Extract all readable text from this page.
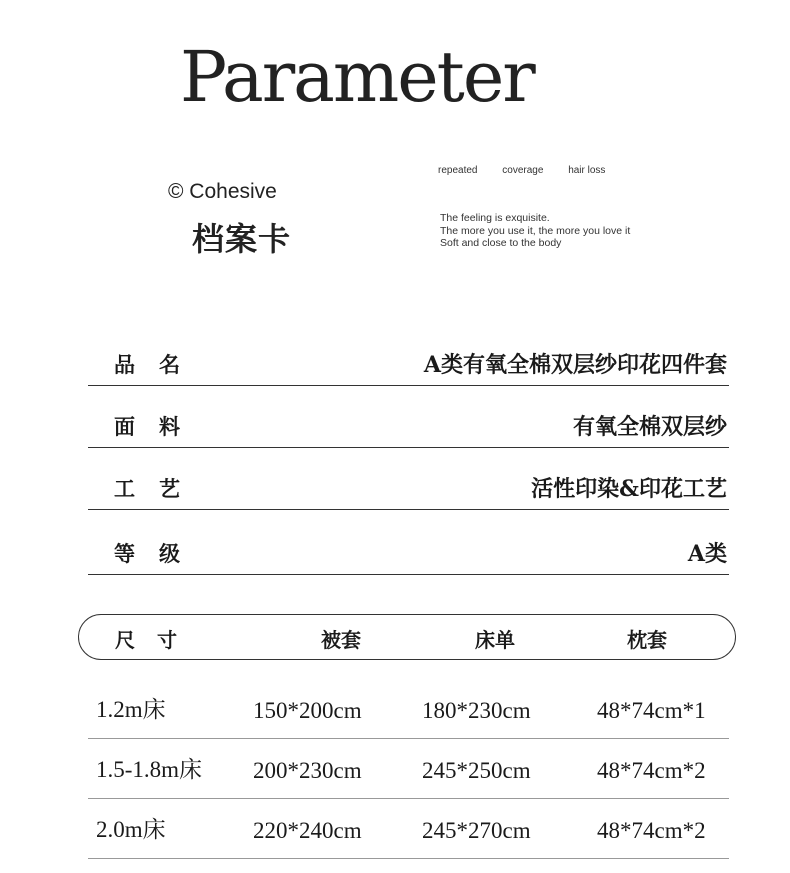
Parameter
© Cohesive
档案卡
repeated coverage hair loss
The feeling is exquisite.
The more you use it, the more you love it
Soft and close to the body
品名	A类有氧全棉双层纱印花四件套
面料	有氧全棉双层纱
工艺	活性印染&印花工艺
等级	A类
尺寸	被套	床单	枕套
1.2m床	150*200cm	180*230cm	48*74cm*1
1.5-1.8m床 200*230cm	245*250cm	48*74cm*2
2.0m床	220*240cm	245*270cm	48*74cm*2
